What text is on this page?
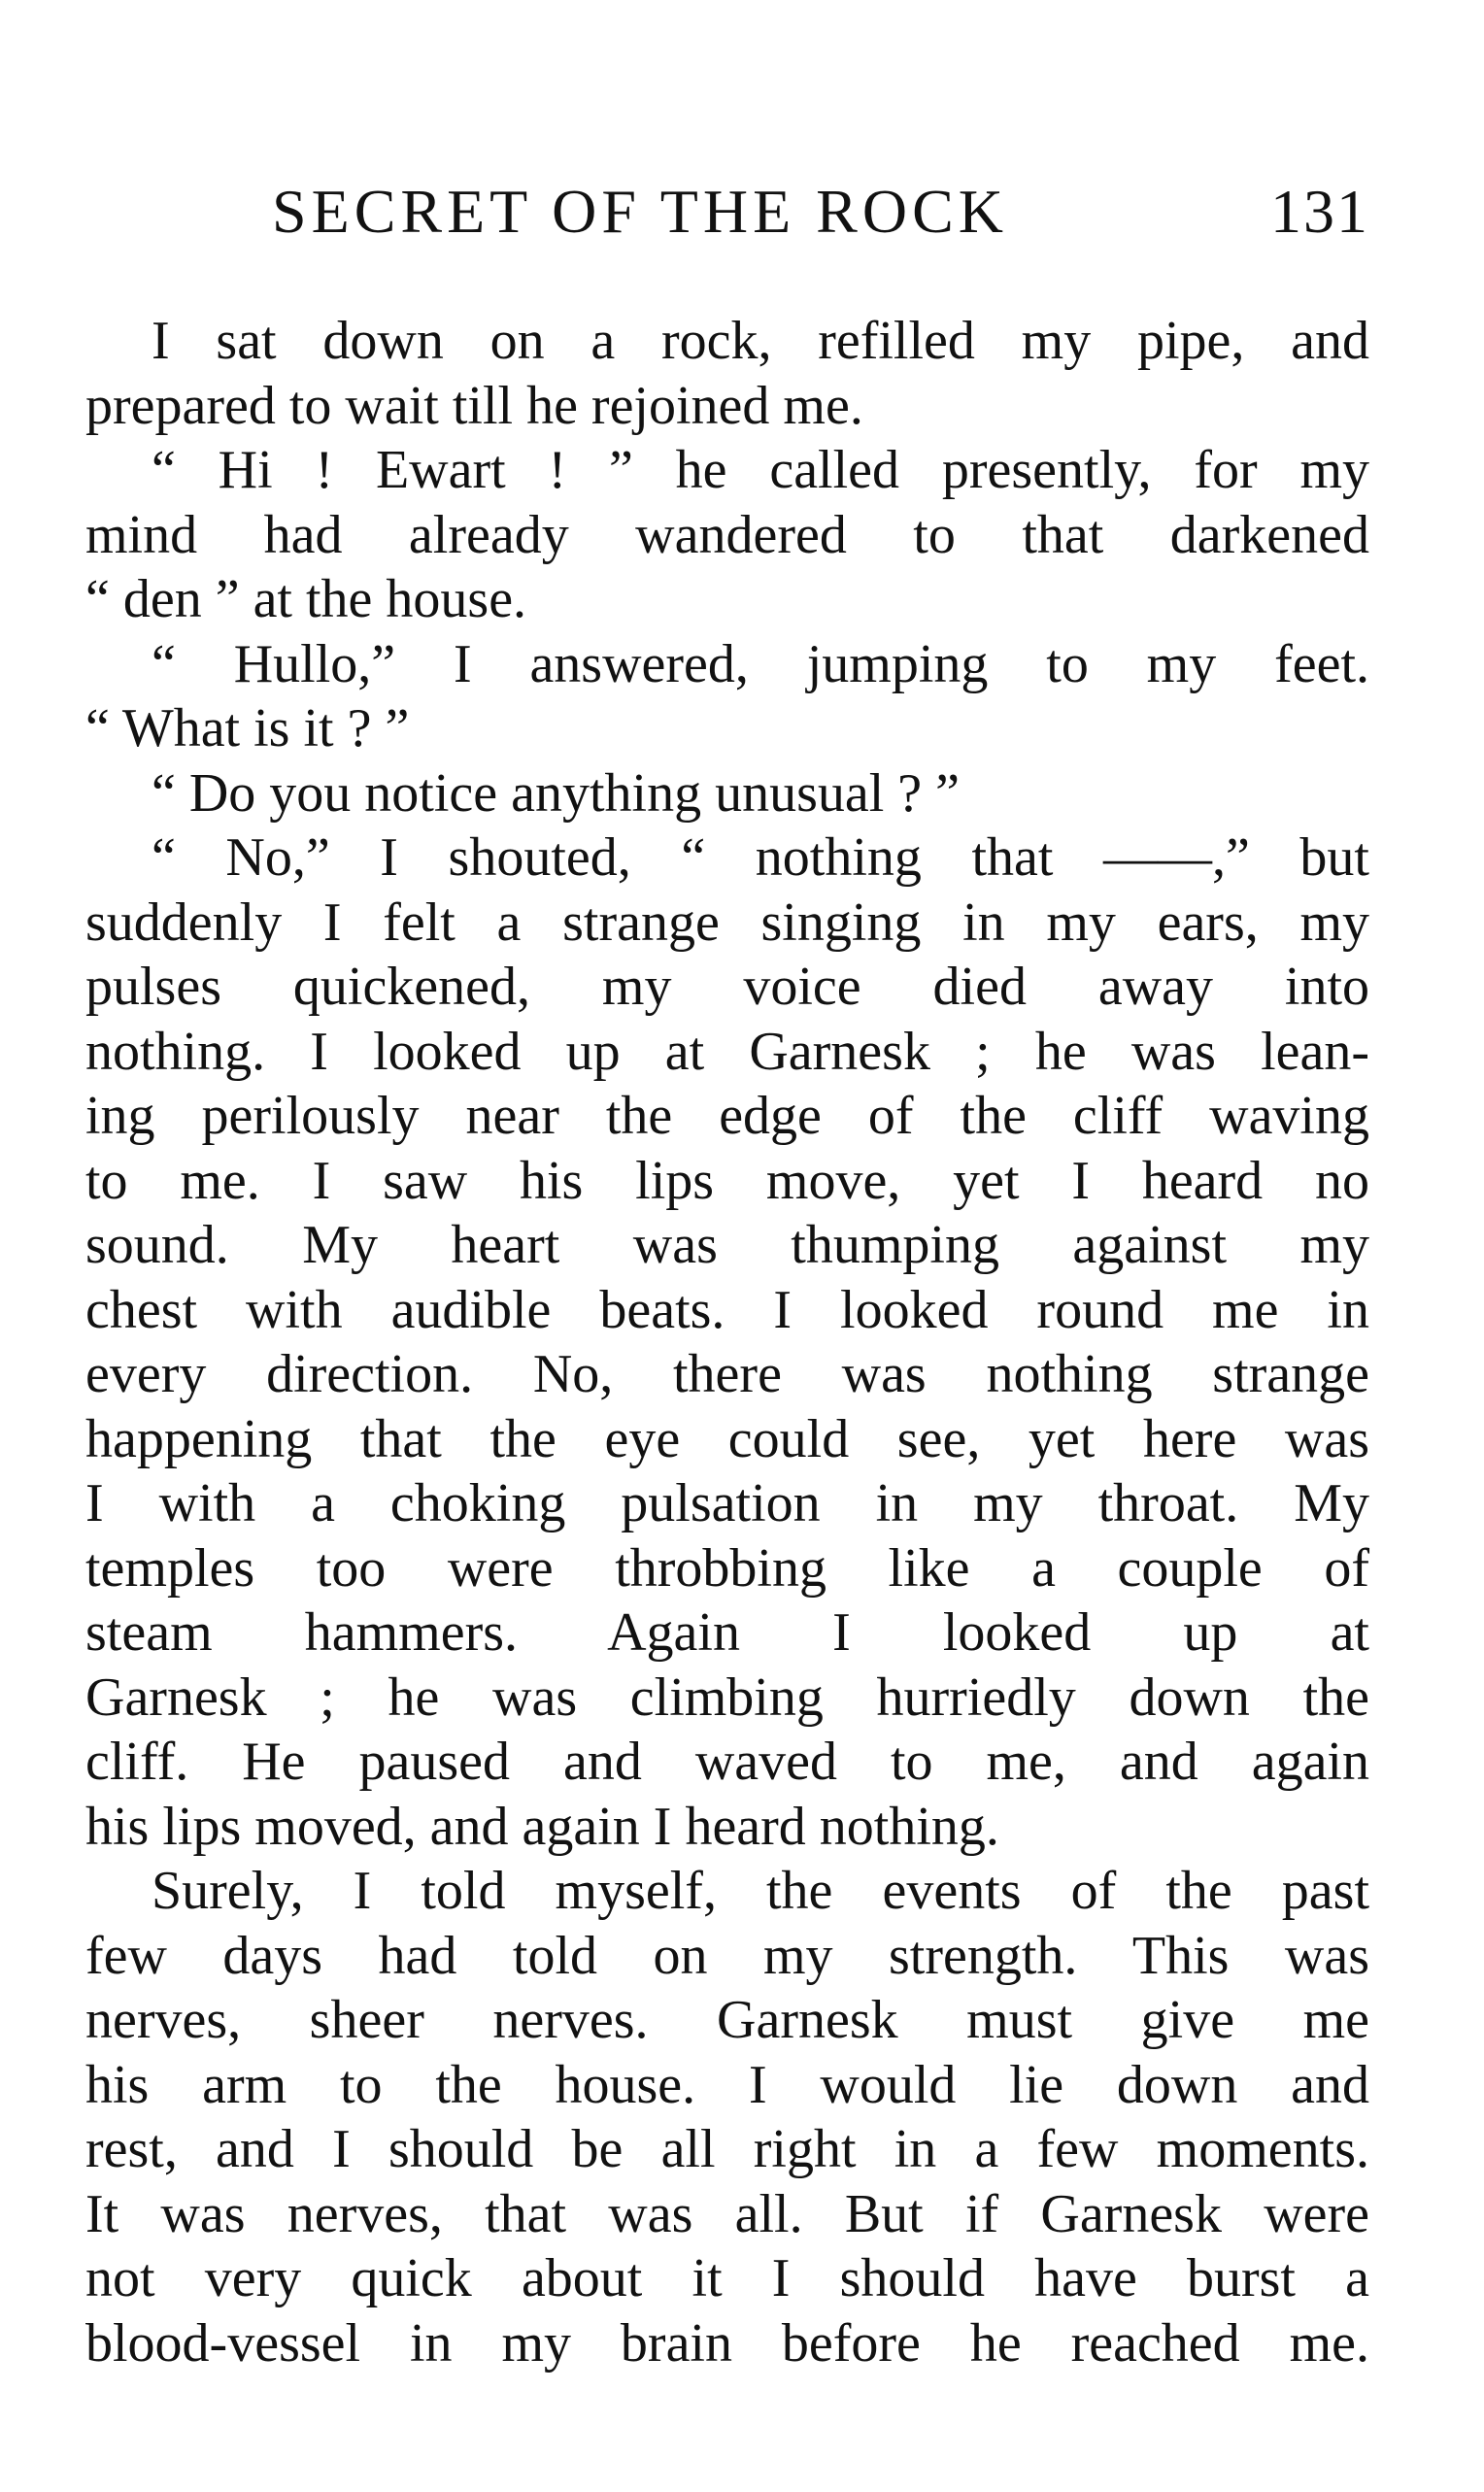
SECRET OF THE ROCK	131
I sat down on a rock, refilled my pipe, and
prepared to wait till he rejoined me.
“ Hi ! Ewart ! ” he called presently, for my
mind had already wandered to that darkened
“ den ” at the house.
“ Hullo,” I answered, jumping to my feet.
“ What is it ? ”
“ Do you notice anything unusual ? ”
“ No,” I shouted, “ nothing that ——,” but
suddenly I felt a strange singing in my ears, my
pulses quickened, my voice died away into
nothing. I looked up at Garnesk ; he was lean-
ing perilously near the edge of the cliff waving
to me. I saw his lips move, yet I heard no
sound. My heart was thumping against my
chest with audible beats. I looked round me in
every direction. No, there was nothing strange
happening that the eye could see, yet here was
I with a choking pulsation in my throat. My
temples too were throbbing like a couple of
steam hammers. Again I looked up at
Garnesk ; he was climbing hurriedly down the
cliff. He paused and waved to me, and again
his lips moved, and again I heard nothing.
Surely, I told myself, the events of the past
few days had told on my strength. This was
nerves, sheer nerves. Garnesk must give me
his arm to the house. I would lie down and
rest, and I should be all right in a few moments.
It was nerves, that was all. But if Garnesk were
not very quick about it I should have burst a
blood-vessel in my brain before he reached me.
